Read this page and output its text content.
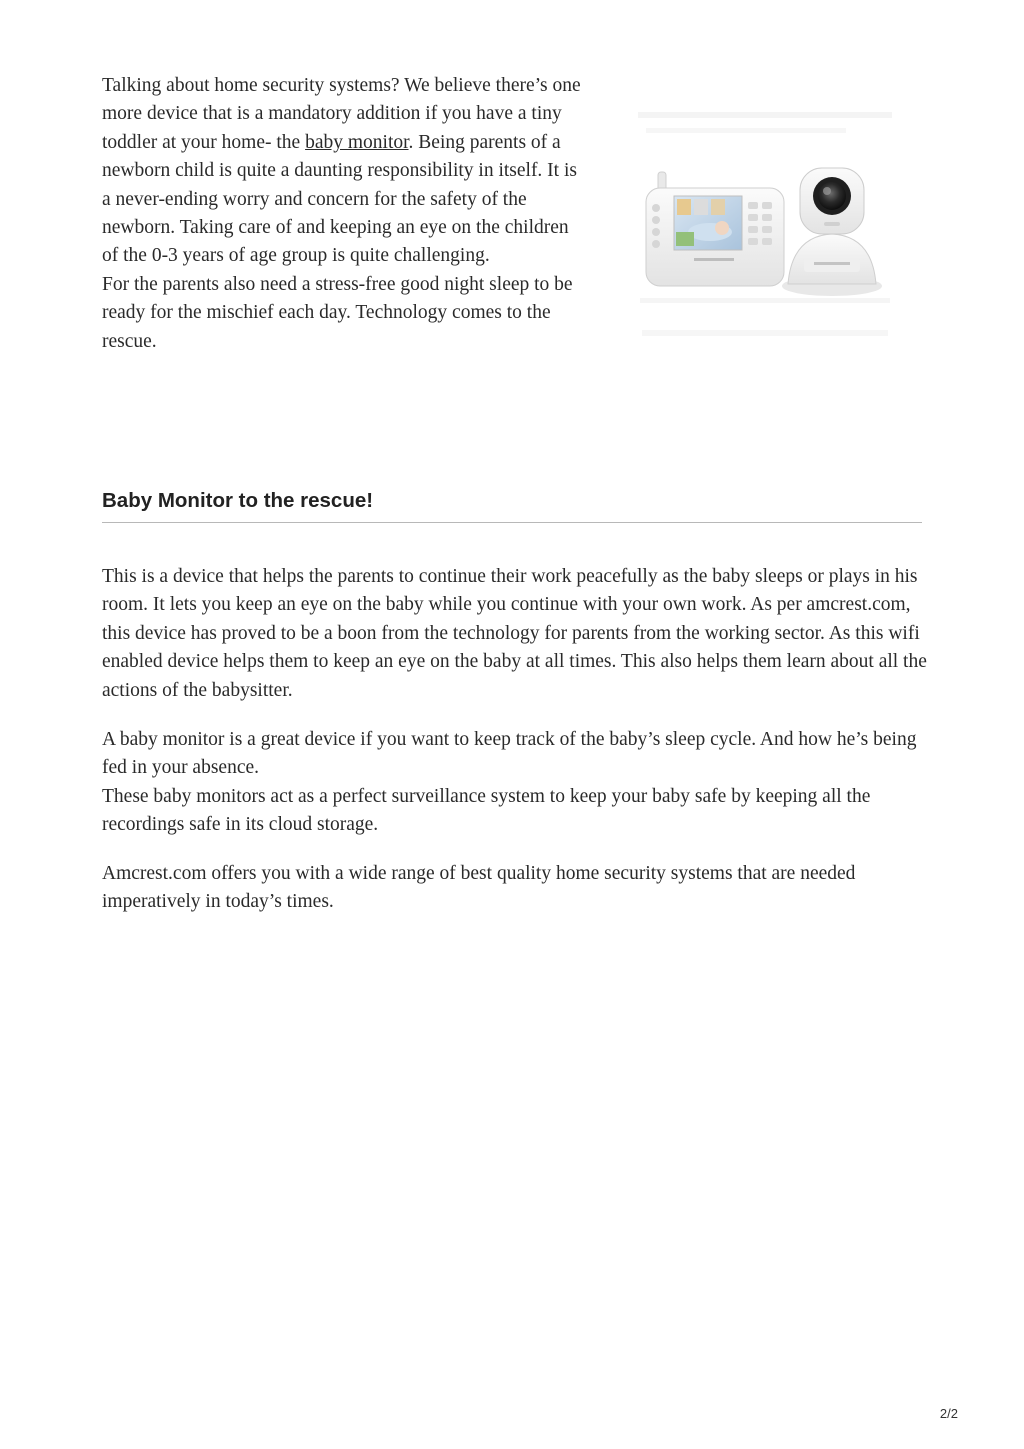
Talking about home security systems? We believe there’s one more device that is a mandatory addition if you have a tiny toddler at your home- the baby monitor. Being parents of a newborn child is quite a daunting responsibility in itself. It is a never-ending worry and concern for the safety of the newborn. Taking care of and keeping an eye on the children of the 0-3 years of age group is quite challenging.

For the parents also need a stress-free good night sleep to be ready for the mischief each day. Technology comes to the rescue.

Baby Monitor to the rescue!

This is a device that helps the parents to continue their work peacefully as the baby sleeps or plays in his room. It lets you keep an eye on the baby while you continue with your own work. As per amcrest.com, this device has proved to be a boon from the technology for parents from the working sector. As this wifi enabled device helps them to keep an eye on the baby at all times. This also helps them learn about all the actions of the babysitter.

A baby monitor is a great device if you want to keep track of the baby’s sleep cycle. And how he’s being fed in your absence.
These baby monitors act as a perfect surveillance system to keep your baby safe by keeping all the recordings safe in its cloud storage.

Amcrest.com offers you with a wide range of best quality home security systems that are needed imperatively in today’s times.

2/2
